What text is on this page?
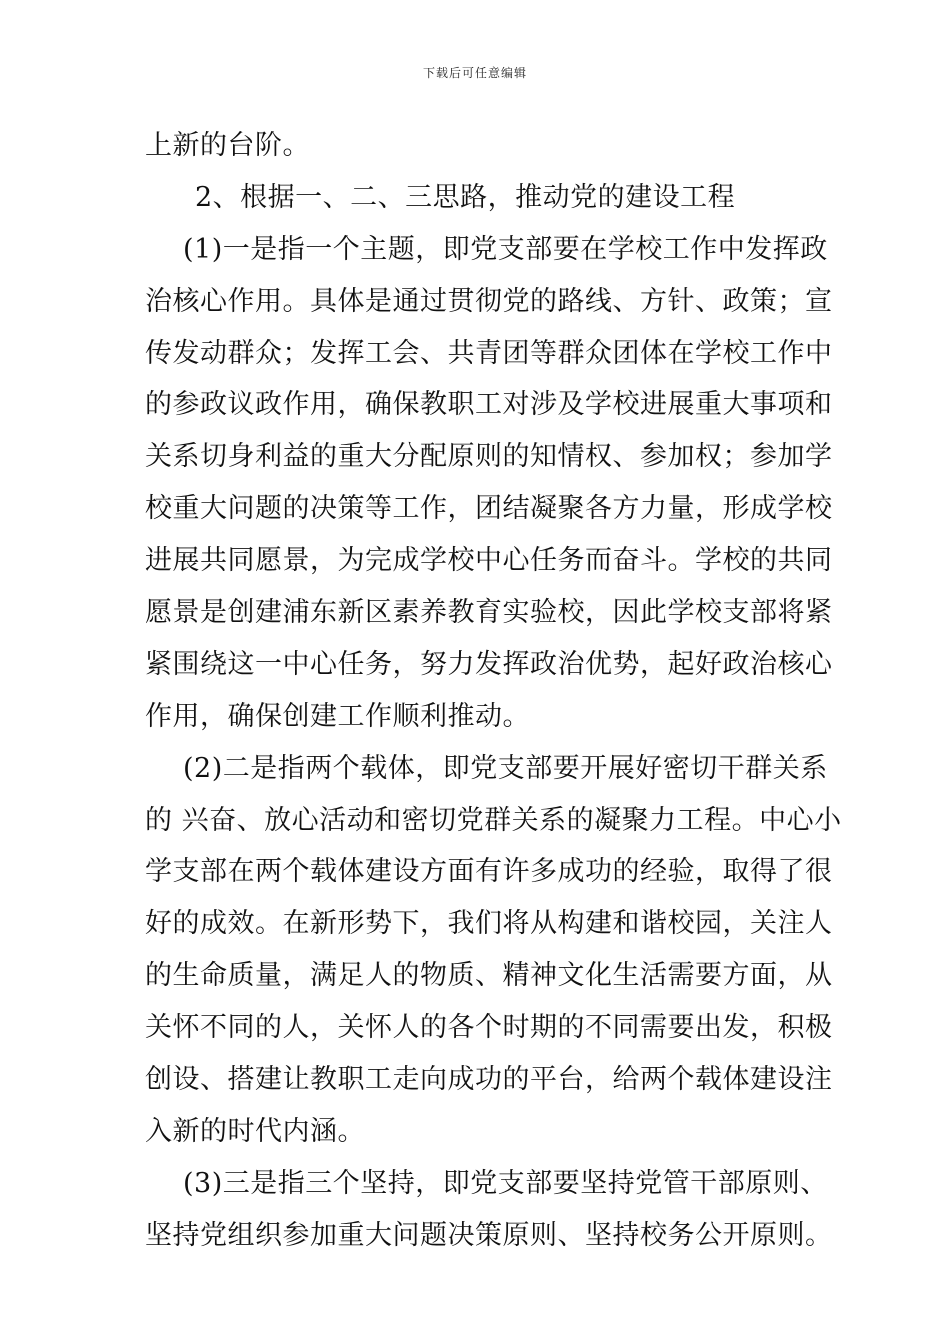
下载后可任意编辑
上新的台阶。
2、根据一、二、三思路，推动党的建设工程
(1)一是指一个主题，即党支部要在学校工作中发挥政
治核心作用。具体是通过贯彻党的路线、方针、政策；宣
传发动群众；发挥工会、共青团等群众团体在学校工作中
的参政议政作用，确保教职工对涉及学校进展重大事项和
关系切身利益的重大分配原则的知情权、参加权；参加学
校重大问题的决策等工作，团结凝聚各方力量，形成学校
进展共同愿景，为完成学校中心任务而奋斗。学校的共同
愿景是创建浦东新区素养教育实验校，因此学校支部将紧
紧围绕这一中心任务，努力发挥政治优势，起好政治核心
作用，确保创建工作顺利推动。
(2)二是指两个载体，即党支部要开展好密切干群关系
的 兴奋、放心活动和密切党群关系的凝聚力工程。中心小
学支部在两个载体建设方面有许多成功的经验，取得了很
好的成效。在新形势下，我们将从构建和谐校园，关注人
的生命质量，满足人的物质、精神文化生活需要方面，从
关怀不同的人，关怀人的各个时期的不同需要出发，积极
创设、搭建让教职工走向成功的平台，给两个载体建设注
入新的时代内涵。
(3)三是指三个坚持，即党支部要坚持党管干部原则、
坚持党组织参加重大问题决策原则、坚持校务公开原则。
